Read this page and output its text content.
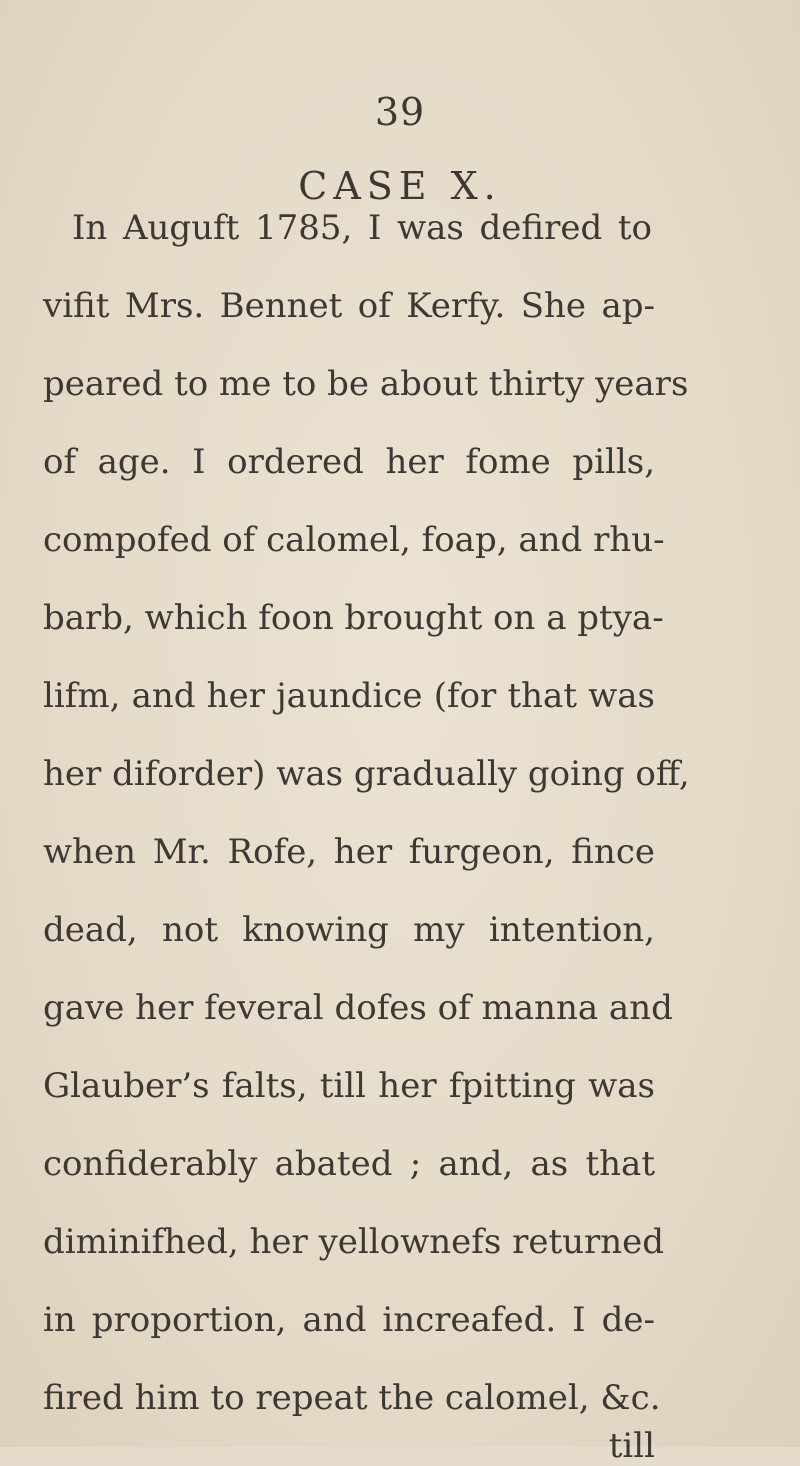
39
CASE X.
In Auguft 1785, I was defired to
vifit Mrs. Bennet of Kerfy. She ap-
peared to me to be about thirty years
of age. I ordered her fome pills,
compofed of calomel, foap, and rhu-
barb, which foon brought on a ptya-
lifm, and her jaundice (for that was
her diforder) was gradually going off,
when Mr. Rofe, her furgeon, fince
dead, not knowing my intention,
gave her feveral dofes of manna and
Glauber’s falts, till her fpitting was
confiderably abated ; and, as that
diminifhed, her yellownefs returned
in proportion, and increafed. I de-
fired him to repeat the calomel, &c.
till
